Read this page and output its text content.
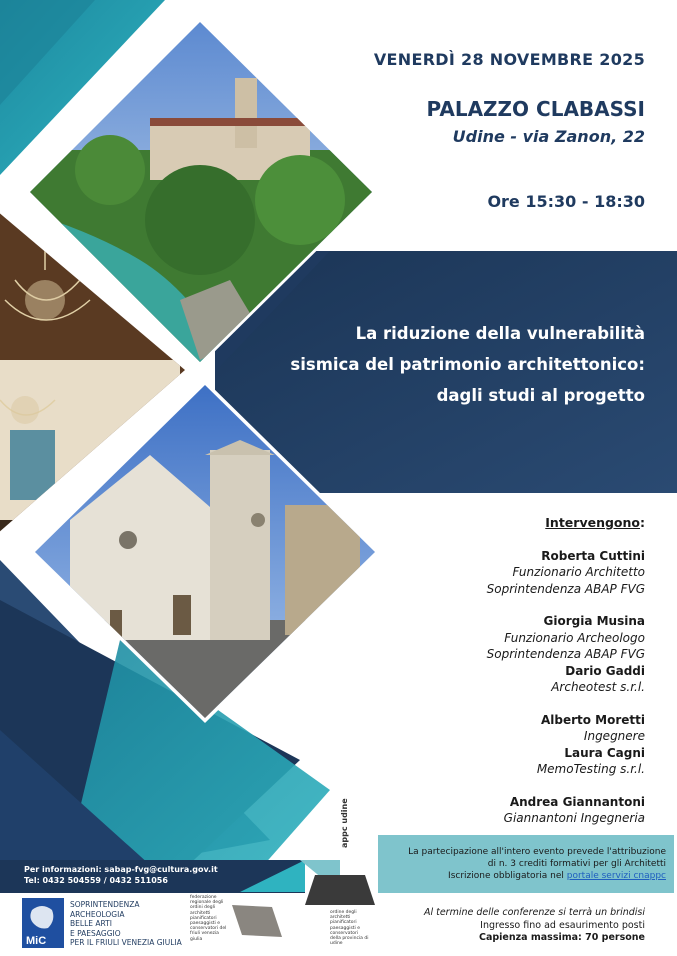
VENERDÌ 28 NOVEMBRE 2025
PALAZZO CLABASSI
Udine - via Zanon, 22
Ore 15:30 - 18:30
La riduzione della vulnerabilità
sismica del patrimonio architettonico:
dagli studi al progetto
Intervengono:
Roberta Cuttini
Funzionario Architetto
Soprintendenza ABAP FVG
Giorgia Musina
Funzionario Archeologo
Soprintendenza ABAP FVG
Dario Gaddi
Archeotest s.r.l.
Alberto Moretti
Ingegnere
Laura Cagni
MemoTesting s.r.l.
Andrea Giannantoni
Giannantoni Ingegneria
Per informazioni: sabap-fvg@cultura.gov.it
Tel: 0432 504559 / 0432 511056
appc udine
La partecipazione all'intero evento prevede l'attribuzione
di n. 3 crediti formativi per gli Architetti
Iscrizione obbligatoria nel portale servizi cnappc
Al termine delle conferenze si terrà un brindisi
Ingresso fino ad esaurimento posti
Capienza massima: 70 persone
MiC
SOPRINTENDENZA
ARCHEOLOGIA
BELLE ARTI
E PAESAGGIO
PER IL FRIULI VENEZIA GIULIA
federazione regionale degli ordini degli architetti pianificatori paesaggisti e conservatori del friuli venezia giulia
ordine degli architetti pianificatori paesaggisti e conservatori della provincia di udine
